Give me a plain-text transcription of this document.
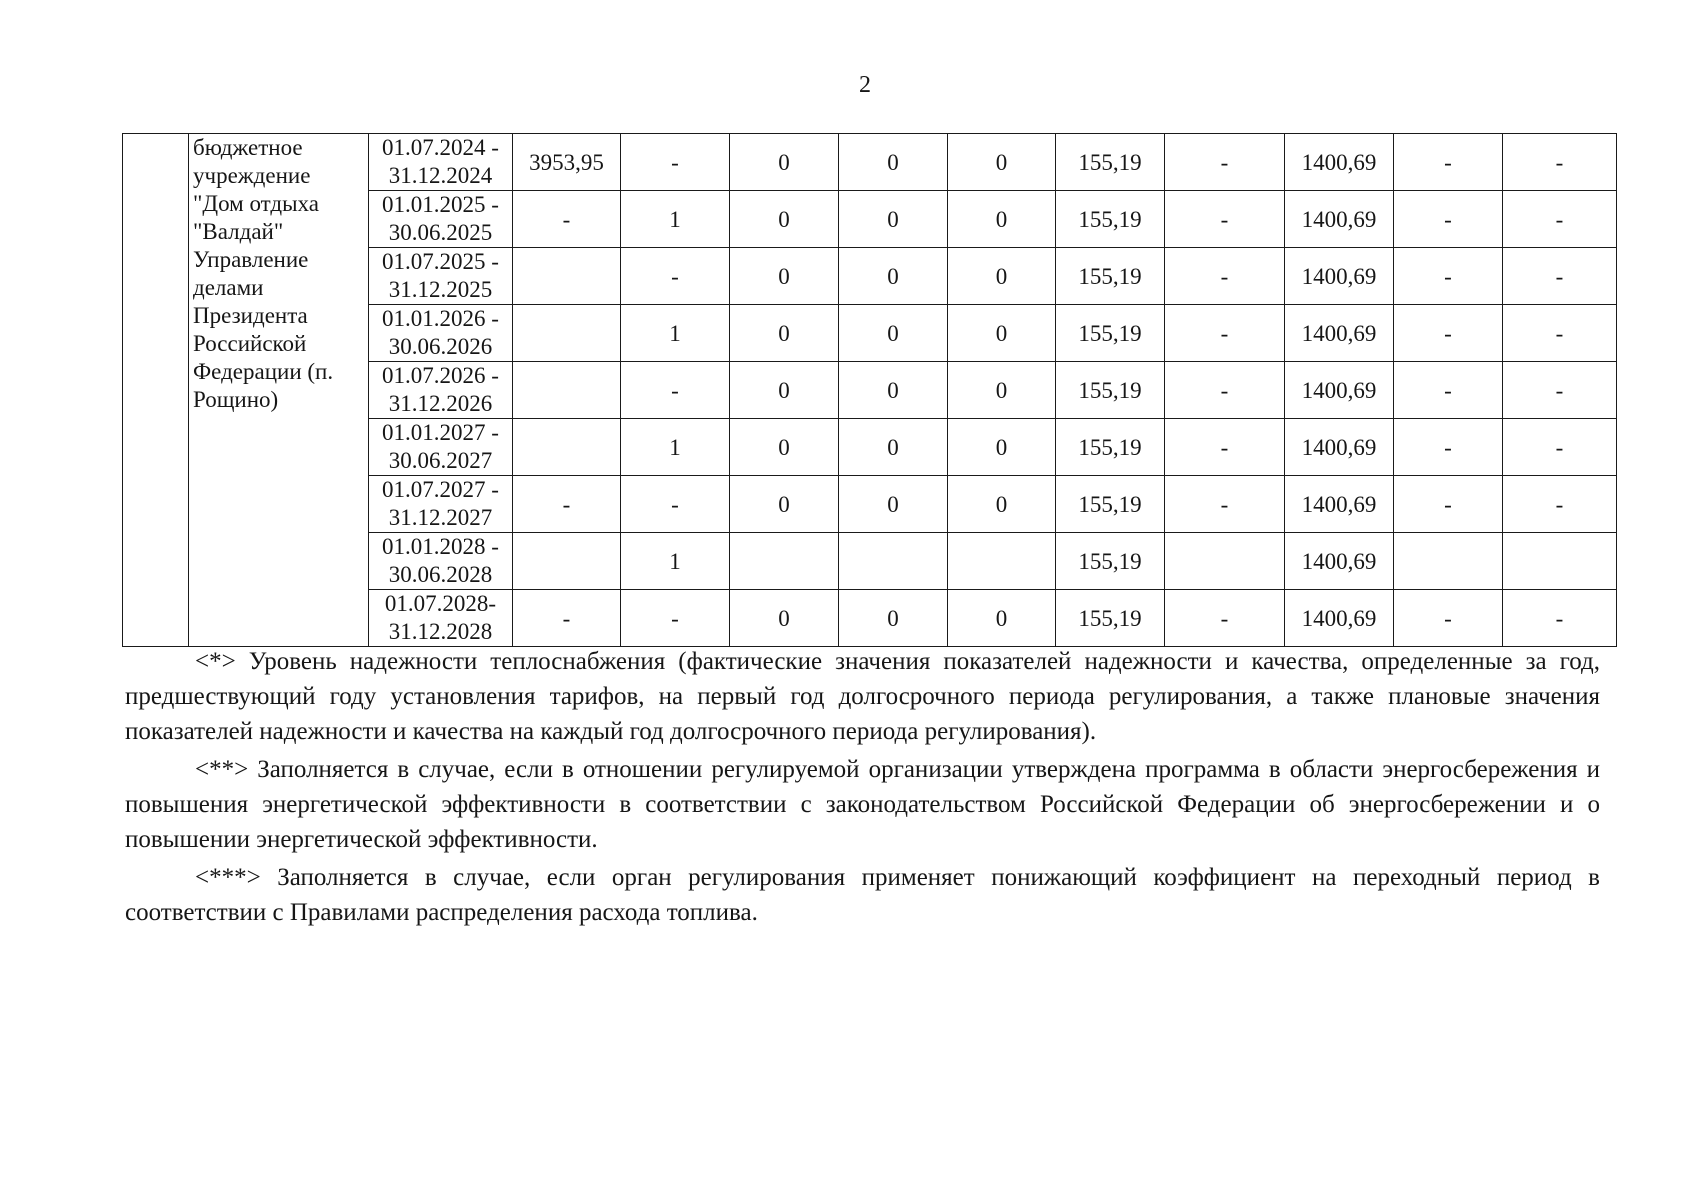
2
	бюджетное учреждение "Дом отдыха "Валдай" Управление делами Президента Российской Федерации (п. Рощино)	01.07.2024 -
31.12.2024	3953,95	-	0	0	0	155,19	-	1400,69	-	-

		01.01.2025 -
30.06.2025	-	1	0	0	0	155,19	-	1400,69	-	-

		01.07.2025 -
31.12.2025		-	0	0	0	155,19	-	1400,69	-	-

		01.01.2026 -
30.06.2026		1	0	0	0	155,19	-	1400,69	-	-

		01.07.2026 -
31.12.2026		-	0	0	0	155,19	-	1400,69	-	-

		01.01.2027 -
30.06.2027		1	0	0	0	155,19	-	1400,69	-	-

		01.07.2027 -
31.12.2027	-	-	0	0	0	155,19	-	1400,69	-	-

		01.01.2028 -
30.06.2028		1				155,19		1400,69		

		01.07.2028-
31.12.2028	-	-	0	0	0	155,19	-	1400,69	-	-

<*> Уровень надежности теплоснабжения (фактические значения показателей надежности и качества, определенные за год, предшествующий году установления тарифов, на первый год долгосрочного периода регулирования, а также плановые значения показателей надежности и качества на каждый год долгосрочного периода регулирования).

<**> Заполняется в случае, если в отношении регулируемой организации утверждена программа в области энергосбережения и повышения энергетической эффективности в соответствии с законодательством Российской Федерации об энергосбережении и о повышении энергетической эффективности.

<***> Заполняется в случае, если орган регулирования применяет понижающий коэффициент на переходный период в соответствии с Правилами распределения расхода топлива.
